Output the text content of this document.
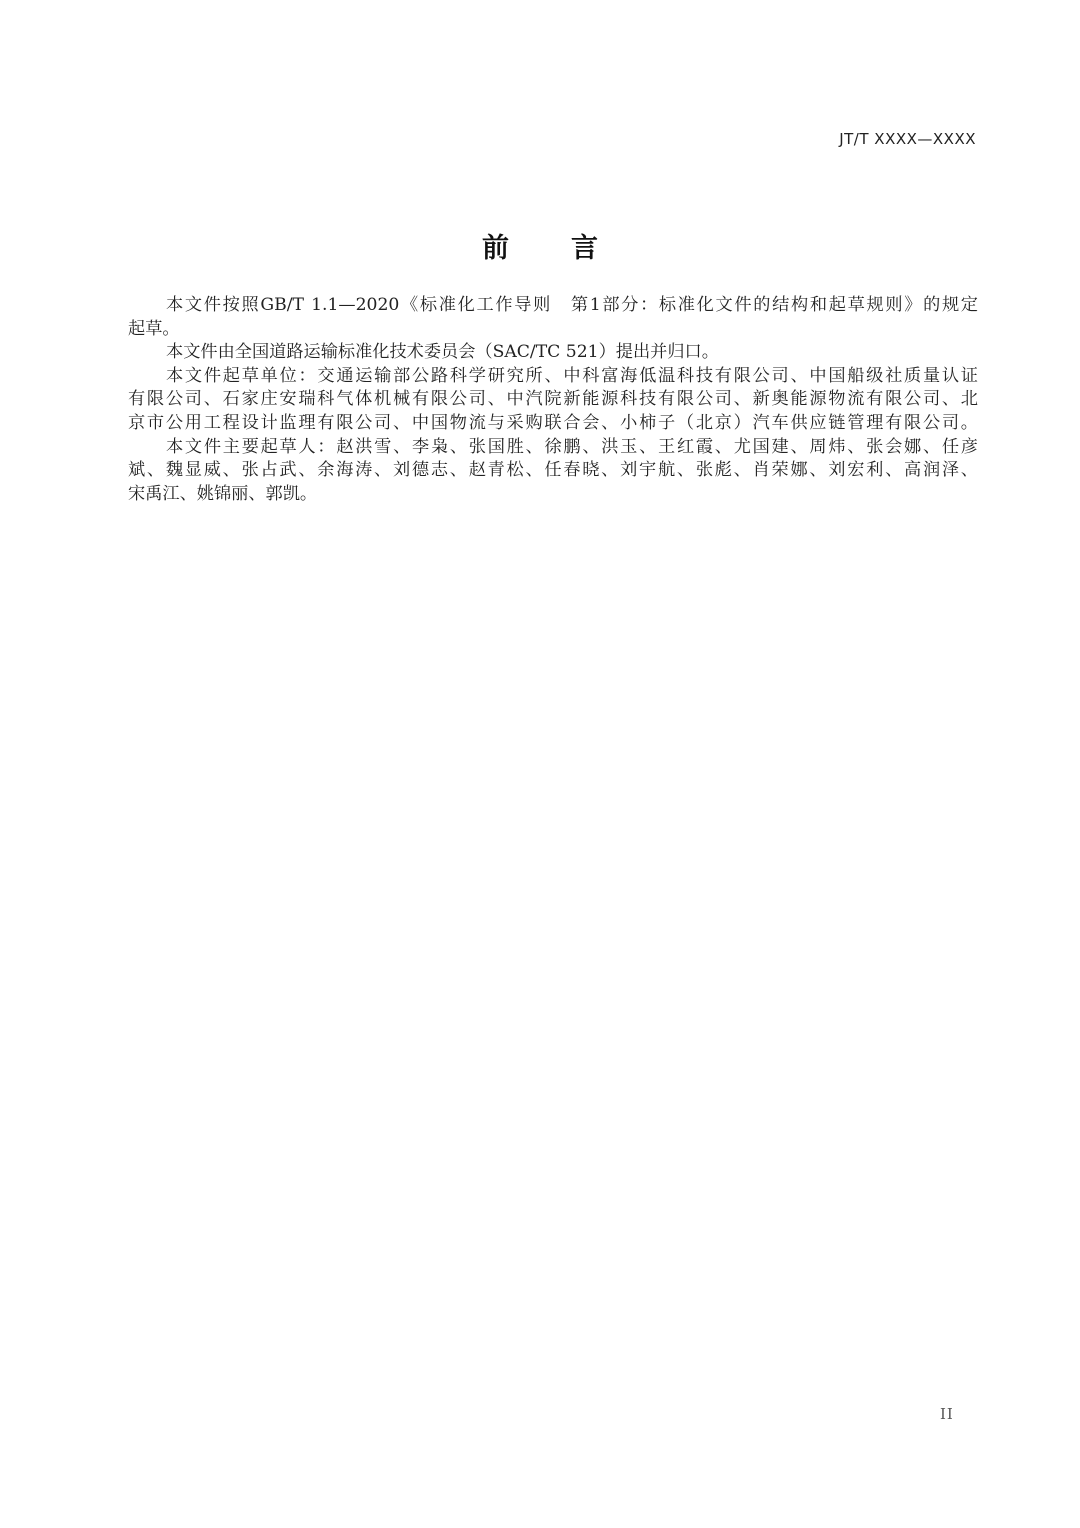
JT/T XXXX—XXXX
前 言
本文件按照GB/T 1.1—2020《标准化工作导则　第1部分：标准化文件的结构和起草规则》的规定
起草。
本文件由全国道路运输标准化技术委员会（SAC/TC 521）提出并归口。
本文件起草单位：交通运输部公路科学研究所、中科富海低温科技有限公司、中国船级社质量认证
有限公司、石家庄安瑞科气体机械有限公司、中汽院新能源科技有限公司、新奥能源物流有限公司、北
京市公用工程设计监理有限公司、中国物流与采购联合会、小柿子（北京）汽车供应链管理有限公司。
本文件主要起草人：赵洪雪、李枭、张国胜、徐鹏、洪玉、王红霞、尤国建、周炜、张会娜、任彦
斌、魏显威、张占武、余海涛、刘德志、赵青松、任春晓、刘宇航、张彪、肖荣娜、刘宏利、高润泽、
宋禹江、姚锦丽、郭凯。
II
